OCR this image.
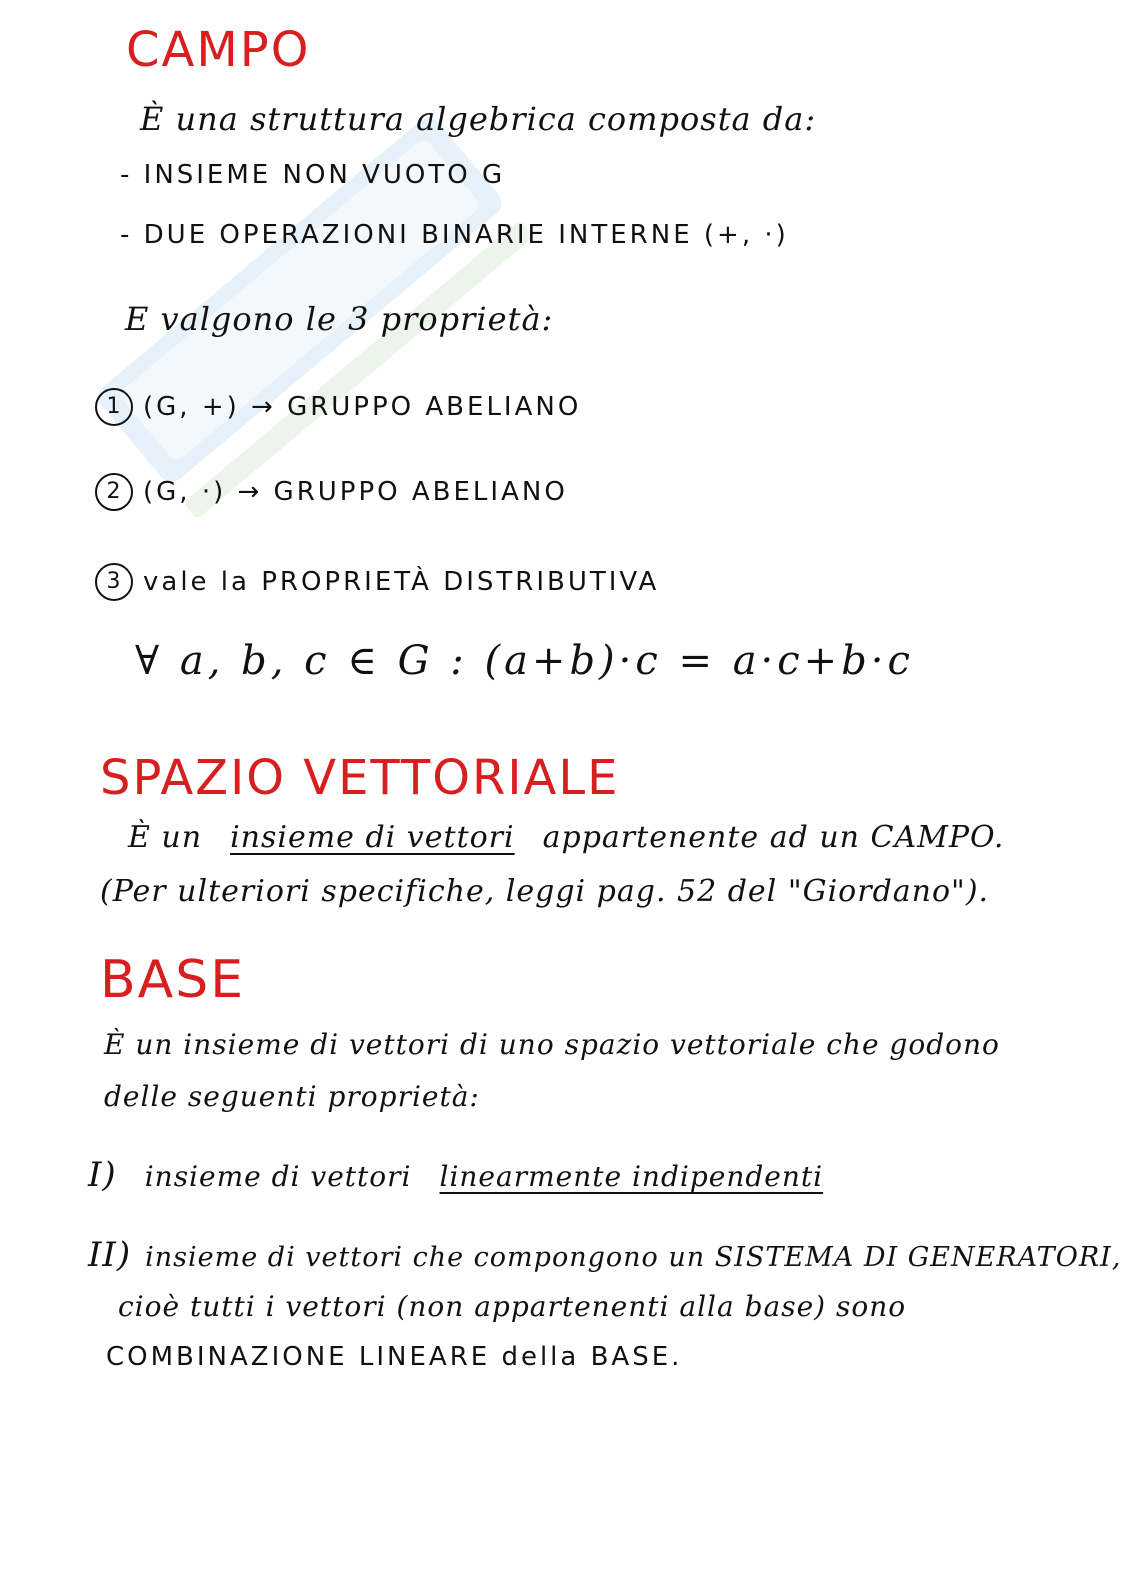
CAMPO
È una struttura algebrica composta da:
- INSIEME NON VUOTO G
- DUE OPERAZIONI BINARIE INTERNE (+, ·)
E valgono le 3 proprietà:
1 (G, +) → GRUPPO ABELIANO
2 (G, ·) → GRUPPO ABELIANO
3 vale la PROPRIETÀ DISTRIBUTIVA
∀ a, b, c ∈ G : (a+b)·c = a·c+b·c
SPAZIO VETTORIALE
È un insieme di vettori appartenente ad un CAMPO.
(Per ulteriori specifiche, leggi pag. 52 del "Giordano").
BASE
È un insieme di vettori di uno spazio vettoriale che godono
delle seguenti proprietà:
I) insieme di vettori linearmente indipendenti
II) insieme di vettori che compongono un SISTEMA DI GENERATORI,
cioè tutti i vettori (non appartenenti alla base) sono
COMBINAZIONE LINEARE della BASE.
